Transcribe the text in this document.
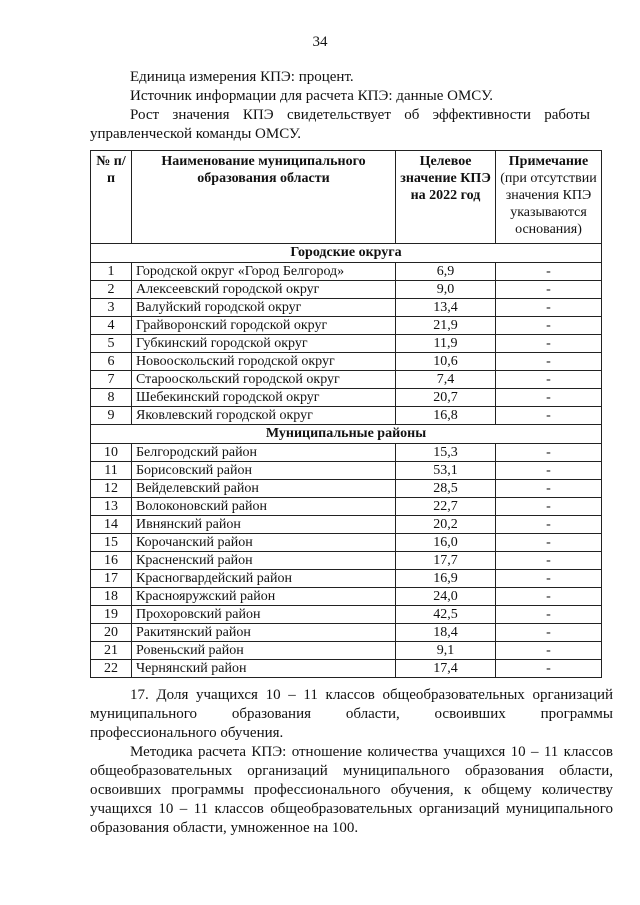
34

Единица измерения КПЭ: процент.

Источник информации для расчета КПЭ: данные ОМСУ.

Рост значения КПЭ свидетельствует об эффективности работы управленческой команды ОМСУ.

№ п/п	Наименование муниципального образования области	Целевое значение КПЭ на 2022 год	Примечание
(при отсутствии значения КПЭ указываются основания)
Городские округа			
1	Городской округ «Город Белгород»	6,9	-
2	Алексеевский городской округ	9,0	-
3	Валуйский городской округ	13,4	-
4	Грайворонский городской округ	21,9	-
5	Губкинский городской округ	11,9	-
6	Новооскольский городской округ	10,6	-
7	Старооскольский городской округ	7,4	-
8	Шебекинский городской округ	20,7	-
9	Яковлевский городской округ	16,8	-
Муниципальные районы			
10	Белгородский район	15,3	-
11	Борисовский район	53,1	-
12	Вейделевский район	28,5	-
13	Волоконовский район	22,7	-
14	Ивнянский район	20,2	-
15	Корочанский район	16,0	-
16	Красненский район	17,7	-
17	Красногвардейский район	16,9	-
18	Краснояружский район	24,0	-
19	Прохоровский район	42,5	-
20	Ракитянский район	18,4	-
21	Ровеньский район	9,1	-
22	Чернянский район	17,4	-

17. Доля учащихся 10 – 11 классов общеобразовательных организаций муниципального образования области, освоивших программы профессионального обучения.

Методика расчета КПЭ: отношение количества учащихся 10 – 11 классов общеобразовательных организаций муниципального образования области, освоивших программы профессионального обучения, к общему количеству учащихся 10 – 11 классов общеобразовательных организаций муниципального образования области, умноженное на 100.
